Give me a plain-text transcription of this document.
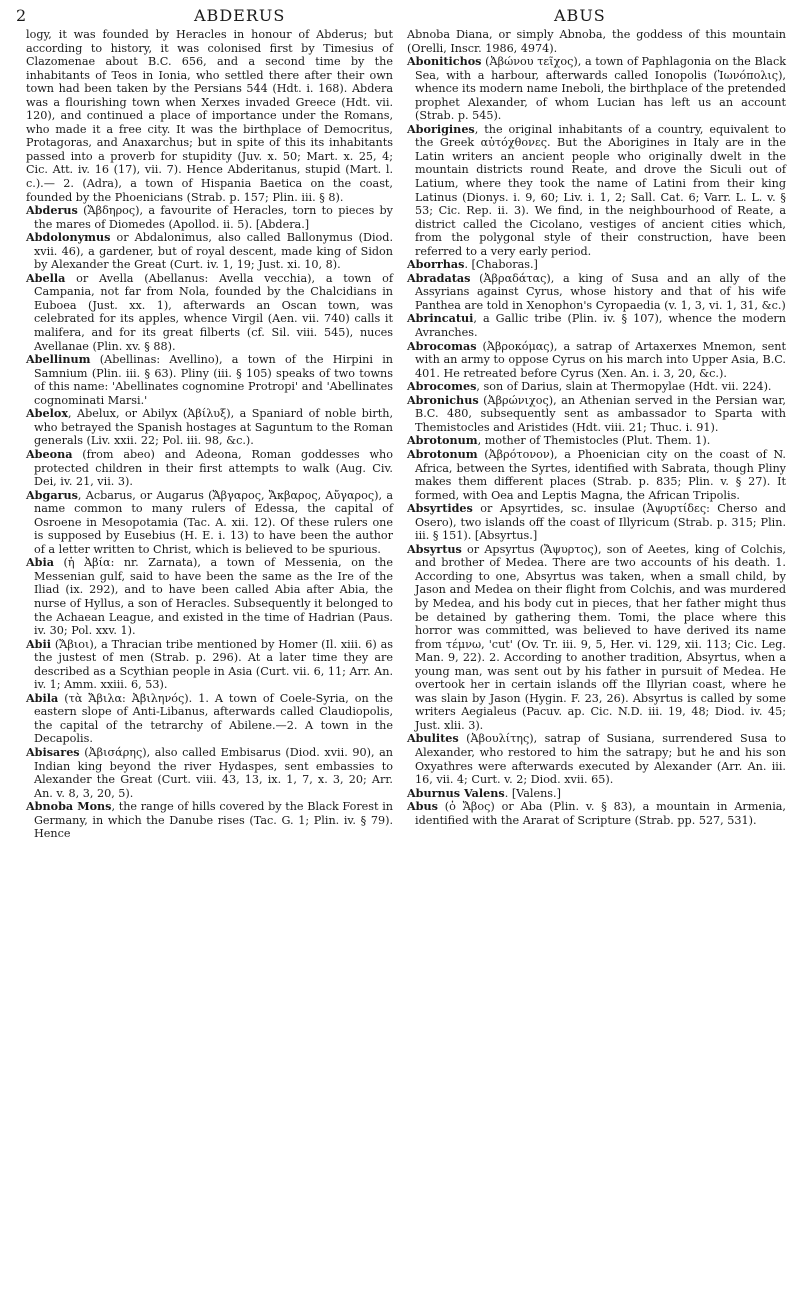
2	ABDERUS	ABUS

logy, it was founded by Heracles in honour of Abderus; but according to history, it was colonised first by Timesius of Clazomenae about B.C. 656, and a second time by the inhabitants of Teos in Ionia, who settled there after their own town had been taken by the Persians 544 (Hdt. i. 168). Abdera was a flourishing town when Xerxes invaded Greece (Hdt. vii. 120), and continued a place of importance under the Romans, who made it a free city. It was the birthplace of Democritus, Protagoras, and Anaxarchus; but in spite of this its inhabitants passed into a proverb for stupidity (Juv. x. 50; Mart. x. 25, 4; Cic. Att. iv. 16 (17), vii. 7). Hence Abderitanus, stupid (Mart. l. c.).— 2. (Adra), a town of Hispania Baetica on the coast, founded by the Phoenicians (Strab. p. 157; Plin. iii. § 8).

Abderus (Ἄβδηρος), a favourite of Heracles, torn to pieces by the mares of Diomedes (Apollod. ii. 5). [Abdera.]

Abdolonymus or Abdalonimus, also called Ballonymus (Diod. xvii. 46), a gardener, but of royal descent, made king of Sidon by Alexander the Great (Curt. iv. 1, 19; Just. xi. 10, 8).

Abella or Avella (Abellanus: Avella vecchia), a town of Campania, not far from Nola, founded by the Chalcidians in Euboea (Just. xx. 1), afterwards an Oscan town, was celebrated for its apples, whence Virgil (Aen. vii. 740) calls it malifera, and for its great filberts (cf. Sil. viii. 545), nuces Avellanae (Plin. xv. § 88).

Abellinum (Abellinas: Avellino), a town of the Hirpini in Samnium (Plin. iii. § 63). Pliny (iii. § 105) speaks of two towns of this name: 'Abellinates cognomine Protropi' and 'Abellinates cognominati Marsi.'

Abelox, Abelux, or Abilyx (Ἀβίλυξ), a Spaniard of noble birth, who betrayed the Spanish hostages at Saguntum to the Roman generals (Liv. xxii. 22; Pol. iii. 98, &c.).

Abeona (from abeo) and Adeona, Roman goddesses who protected children in their first attempts to walk (Aug. Civ. Dei, iv. 21, vii. 3).

Abgarus, Acbarus, or Augarus (Ἄβγαρος, Ἄκβαρος, Αὔγαρος), a name common to many rulers of Edessa, the capital of Osroene in Mesopotamia (Tac. A. xii. 12). Of these rulers one is supposed by Eusebius (H. E. i. 13) to have been the author of a letter written to Christ, which is believed to be spurious.

Abia (ἡ Ἀβία: nr. Zarnata), a town of Messenia, on the Messenian gulf, said to have been the same as the Ire of the Iliad (ix. 292), and to have been called Abia after Abia, the nurse of Hyllus, a son of Heracles. Subsequently it belonged to the Achaean League, and existed in the time of Hadrian (Paus. iv. 30; Pol. xxv. 1).

Abii (Ἄβιοι), a Thracian tribe mentioned by Homer (Il. xiii. 6) as the justest of men (Strab. p. 296). At a later time they are described as a Scythian people in Asia (Curt. vii. 6, 11; Arr. An. iv. 1; Amm. xxiii. 6, 53).

Abila (τὰ Ἄβιλα: Ἀβιληνός). 1. A town of Coele-Syria, on the eastern slope of Anti-Libanus, afterwards called Claudiopolis, the capital of the tetrarchy of Abilene.—2. A town in the Decapolis.

Abisares (Ἀβισάρης), also called Embisarus (Diod. xvii. 90), an Indian king beyond the river Hydaspes, sent embassies to Alexander the Great (Curt. viii. 43, 13, ix. 1, 7, x. 3, 20; Arr. An. v. 8, 3, 20, 5).

Abnoba Mons, the range of hills covered by the Black Forest in Germany, in which the Danube rises (Tac. G. 1; Plin. iv. § 79). Hence

Abnoba Diana, or simply Abnoba, the goddess of this mountain (Orelli, Inscr. 1986, 4974).

Abonitichos (Ἀβώνου τεῖχος), a town of Paphlagonia on the Black Sea, with a harbour, afterwards called Ionopolis (Ἰωνόπολις), whence its modern name Ineboli, the birthplace of the pretended prophet Alexander, of whom Lucian has left us an account (Strab. p. 545).

Aborigines, the original inhabitants of a country, equivalent to the Greek αὐτόχθονες. But the Aborigines in Italy are in the Latin writers an ancient people who originally dwelt in the mountain districts round Reate, and drove the Siculi out of Latium, where they took the name of Latini from their king Latinus (Dionys. i. 9, 60; Liv. i. 1, 2; Sall. Cat. 6; Varr. L. L. v. § 53; Cic. Rep. ii. 3). We find, in the neighbourhood of Reate, a district called the Cicolano, vestiges of ancient cities which, from the polygonal style of their construction, have been referred to a very early period.

Aborrhas. [Chaboras.]

Abradatas (Ἀβραδάτας), a king of Susa and an ally of the Assyrians against Cyrus, whose history and that of his wife Panthea are told in Xenophon's Cyropaedia (v. 1, 3, vi. 1, 31, &c.)

Abrincatui, a Gallic tribe (Plin. iv. § 107), whence the modern Avranches.

Abrocomas (Ἀβροκόμας), a satrap of Artaxerxes Mnemon, sent with an army to oppose Cyrus on his march into Upper Asia, B.C. 401. He retreated before Cyrus (Xen. An. i. 3, 20, &c.).

Abrocomes, son of Darius, slain at Thermopylae (Hdt. vii. 224).

Abronichus (Ἀβρώνιχος), an Athenian served in the Persian war, B.C. 480, subsequently sent as ambassador to Sparta with Themistocles and Aristides (Hdt. viii. 21; Thuc. i. 91).

Abrotonum, mother of Themistocles (Plut. Them. 1).

Abrotonum (Ἀβρότονον), a Phoenician city on the coast of N. Africa, between the Syrtes, identified with Sabrata, though Pliny makes them different places (Strab. p. 835; Plin. v. § 27). It formed, with Oea and Leptis Magna, the African Tripolis.

Absyrtides or Apsyrtides, sc. insulae (Ἀψυρτίδες: Cherso and Osero), two islands off the coast of Illyricum (Strab. p. 315; Plin. iii. § 151). [Absyrtus.]

Absyrtus or Apsyrtus (Ἄψυρτος), son of Aeetes, king of Colchis, and brother of Medea. There are two accounts of his death. 1. According to one, Absyrtus was taken, when a small child, by Jason and Medea on their flight from Colchis, and was murdered by Medea, and his body cut in pieces, that her father might thus be detained by gathering them. Tomi, the place where this horror was committed, was believed to have derived its name from τέμνω, 'cut' (Ov. Tr. iii. 9, 5, Her. vi. 129, xii. 113; Cic. Leg. Man. 9, 22). 2. According to another tradition, Absyrtus, when a young man, was sent out by his father in pursuit of Medea. He overtook her in certain islands off the Illyrian coast, where he was slain by Jason (Hygin. F. 23, 26). Absyrtus is called by some writers Aegialeus (Pacuv. ap. Cic. N.D. iii. 19, 48; Diod. iv. 45; Just. xlii. 3).

Abulites (Ἀβουλίτης), satrap of Susiana, surrendered Susa to Alexander, who restored to him the satrapy; but he and his son Oxyathres were afterwards executed by Alexander (Arr. An. iii. 16, vii. 4; Curt. v. 2; Diod. xvii. 65).

Aburnus Valens. [Valens.]

Abus (ὁ Ἄβος) or Aba (Plin. v. § 83), a mountain in Armenia, identified with the Ararat of Scripture (Strab. pp. 527, 531).
